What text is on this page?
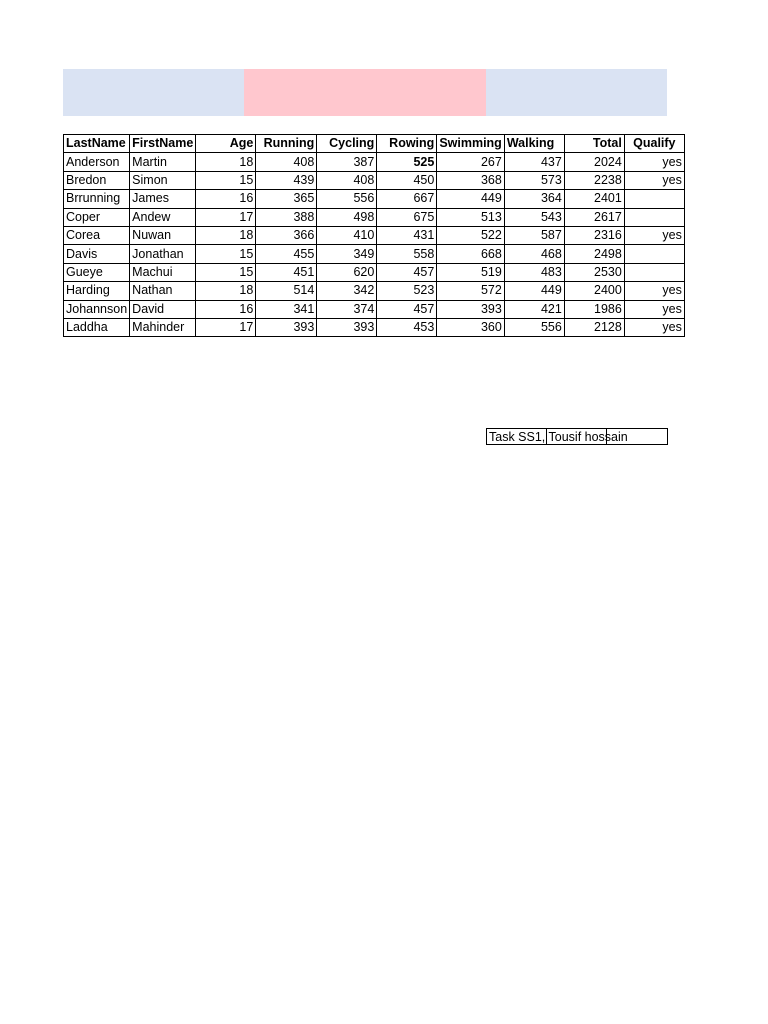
LastName	FirstName	Age	Running	Cycling	Rowing	Swimming	Walking	Total	Qualify
Anderson	Martin	18	408	387	525	267	437	2024	yes
Bredon	Simon	15	439	408	450	368	573	2238	yes
Brrunning	James	16	365	556	667	449	364	2401	
Coper	Andew	17	388	498	675	513	543	2617	
Corea	Nuwan	18	366	410	431	522	587	2316	yes
Davis	Jonathan	15	455	349	558	668	468	2498	
Gueye	Machui	15	451	620	457	519	483	2530	
Harding	Nathan	18	514	342	523	572	449	2400	yes
Johannson	David	16	341	374	457	393	421	1986	yes
Laddha	Mahinder	17	393	393	453	360	556	2128	yes
Task SS1, Tousif hossain
